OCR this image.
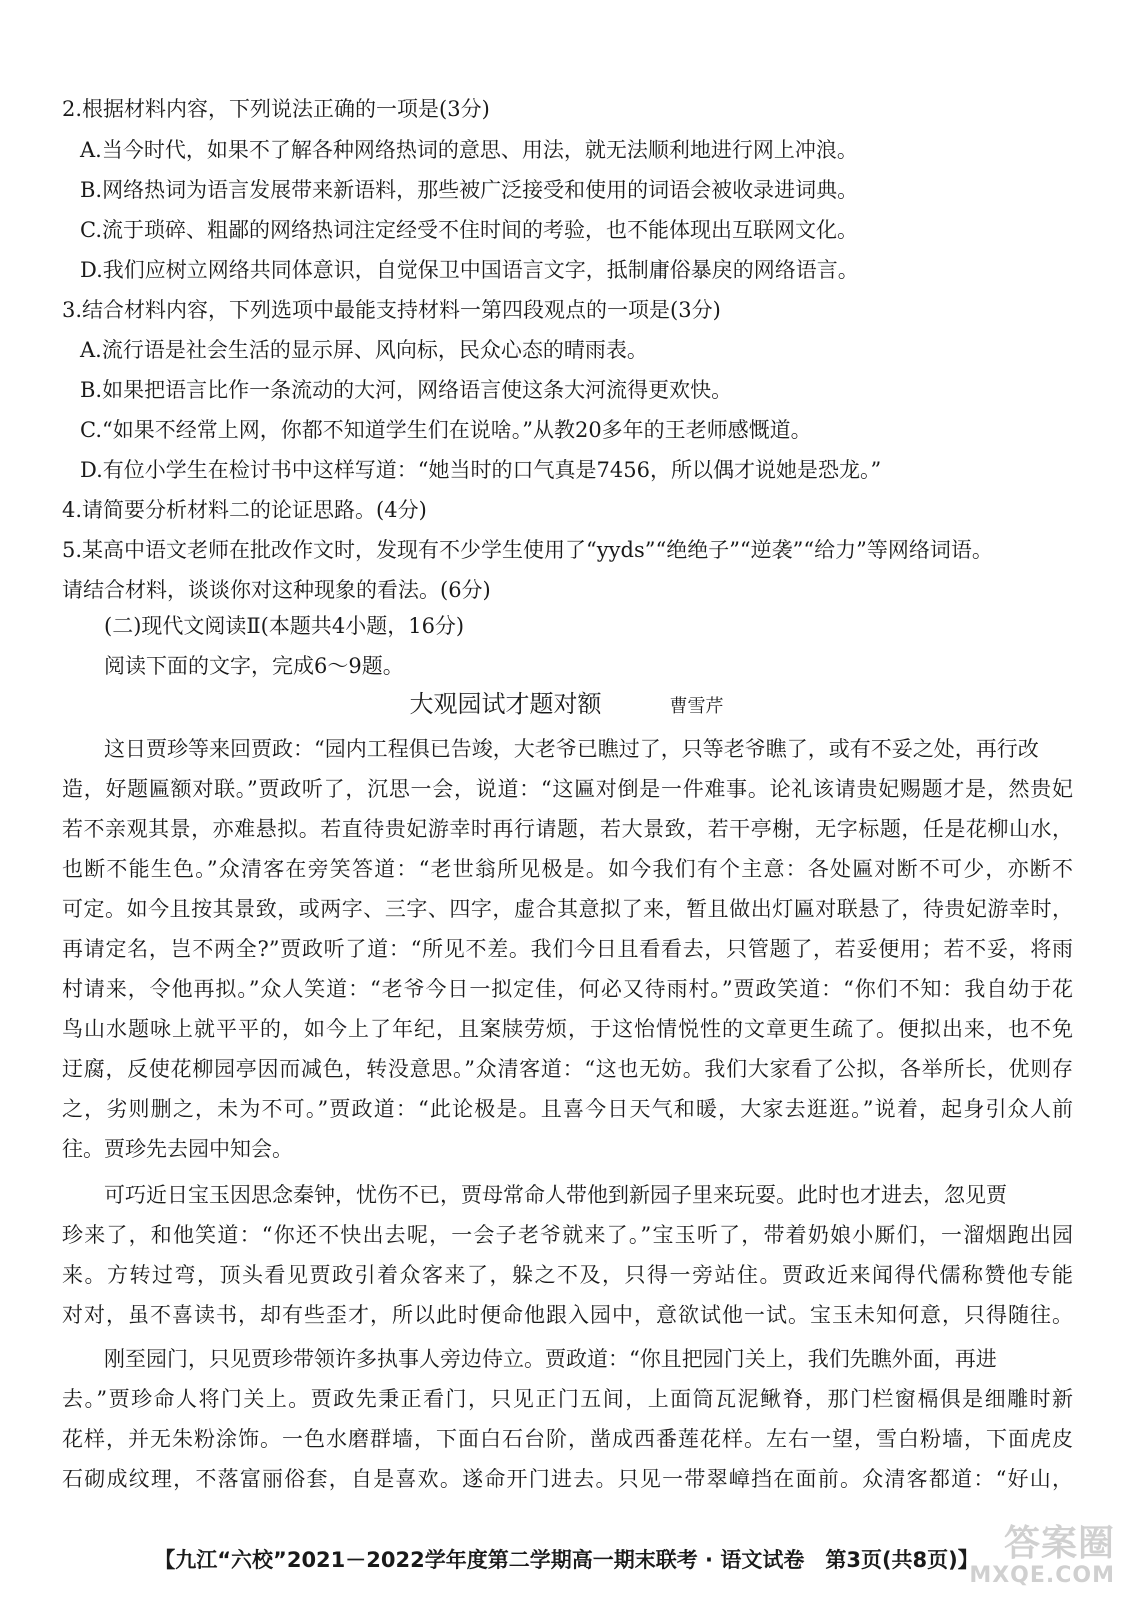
2.根据材料内容，下列说法正确的一项是(3分)
A.当今时代，如果不了解各种网络热词的意思、用法，就无法顺利地进行网上冲浪。
B.网络热词为语言发展带来新语料，那些被广泛接受和使用的词语会被收录进词典。
C.流于琐碎、粗鄙的网络热词注定经受不住时间的考验，也不能体现出互联网文化。
D.我们应树立网络共同体意识，自觉保卫中国语言文字，抵制庸俗暴戾的网络语言。
3.结合材料内容，下列选项中最能支持材料一第四段观点的一项是(3分)
A.流行语是社会生活的显示屏、风向标，民众心态的晴雨表。
B.如果把语言比作一条流动的大河，网络语言使这条大河流得更欢快。
C.“如果不经常上网，你都不知道学生们在说啥。”从教20多年的王老师感慨道。
D.有位小学生在检讨书中这样写道：“她当时的口气真是7456，所以偶才说她是恐龙。”
4.请简要分析材料二的论证思路。(4分)
5.某高中语文老师在批改作文时，发现有不少学生使用了“yyds”“绝绝子”“逆袭”“给力”等网络词语。
请结合材料，谈谈你对这种现象的看法。(6分)
(二)现代文阅读Ⅱ(本题共4小题，16分)
阅读下面的文字，完成6～9题。
大观园试才题对额	曹雪芹
这日贾珍等来回贾政：“园内工程俱已告竣，大老爷已瞧过了，只等老爷瞧了，或有不妥之处，再行改
造，好题匾额对联。”贾政听了，沉思一会，说道：“这匾对倒是一件难事。论礼该请贵妃赐题才是，然贵妃
若不亲观其景，亦难悬拟。若直待贵妃游幸时再行请题，若大景致，若干亭榭，无字标题，任是花柳山水，
也断不能生色。”众清客在旁笑答道：“老世翁所见极是。如今我们有个主意：各处匾对断不可少，亦断不
可定。如今且按其景致，或两字、三字、四字，虚合其意拟了来，暂且做出灯匾对联悬了，待贵妃游幸时，
再请定名，岂不两全?”贾政听了道：“所见不差。我们今日且看看去，只管题了，若妥便用；若不妥，将雨
村请来，令他再拟。”众人笑道：“老爷今日一拟定佳，何必又待雨村。”贾政笑道：“你们不知：我自幼于花
鸟山水题咏上就平平的，如今上了年纪，且案牍劳烦，于这怡情悦性的文章更生疏了。便拟出来，也不免
迂腐，反使花柳园亭因而减色，转没意思。”众清客道：“这也无妨。我们大家看了公拟，各举所长，优则存
之，劣则删之，未为不可。”贾政道：“此论极是。且喜今日天气和暖，大家去逛逛。”说着，起身引众人前
往。贾珍先去园中知会。
可巧近日宝玉因思念秦钟，忧伤不已，贾母常命人带他到新园子里来玩耍。此时也才进去，忽见贾
珍来了，和他笑道：“你还不快出去呢，一会子老爷就来了。”宝玉听了，带着奶娘小厮们，一溜烟跑出园
来。方转过弯，顶头看见贾政引着众客来了，躲之不及，只得一旁站住。贾政近来闻得代儒称赞他专能
对对，虽不喜读书，却有些歪才，所以此时便命他跟入园中，意欲试他一试。宝玉未知何意，只得随往。
刚至园门，只见贾珍带领许多执事人旁边侍立。贾政道：“你且把园门关上，我们先瞧外面，再进
去。”贾珍命人将门关上。贾政先秉正看门，只见正门五间，上面筒瓦泥鳅脊，那门栏窗槅俱是细雕时新
花样，并无朱粉涂饰。一色水磨群墙，下面白石台阶，凿成西番莲花样。左右一望，雪白粉墙，下面虎皮
石砌成纹理，不落富丽俗套，自是喜欢。遂命开门进去。只见一带翠嶂挡在面前。众清客都道：“好山，
【九江“六校”2021－2022学年度第二学期高一期末联考 · 语文试卷　第3页(共8页)】 答案圈
MXQE.COM
